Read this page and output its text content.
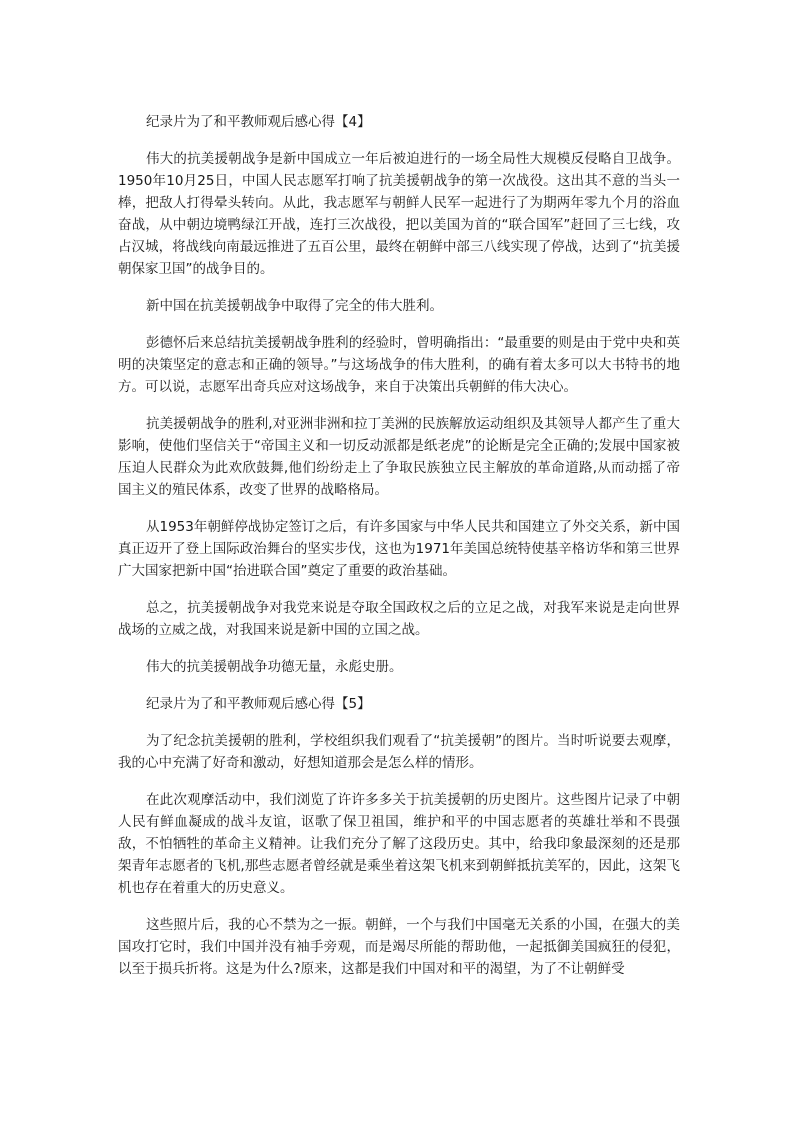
纪录片为了和平教师观后感心得【4】

伟大的抗美援朝战争是新中国成立一年后被迫进行的一场全局性大规模反侵略自卫战争。1950年10月25日，中国人民志愿军打响了抗美援朝战争的第一次战役。这出其不意的当头一棒，把敌人打得晕头转向。从此，我志愿军与朝鲜人民军一起进行了为期两年零九个月的浴血奋战，从中朝边境鸭绿江开战，连打三次战役，把以美国为首的“联合国军”赶回了三七线，攻占汉城，将战线向南最远推进了五百公里，最终在朝鲜中部三八线实现了停战，达到了“抗美援朝保家卫国”的战争目的。

新中国在抗美援朝战争中取得了完全的伟大胜利。

彭德怀后来总结抗美援朝战争胜利的经验时，曾明确指出：“最重要的则是由于党中央和英明的决策坚定的意志和正确的领导。”与这场战争的伟大胜利，的确有着太多可以大书特书的地方。可以说，志愿军出奇兵应对这场战争，来自于决策出兵朝鲜的伟大决心。

抗美援朝战争的胜利,对亚洲非洲和拉丁美洲的民族解放运动组织及其领导人都产生了重大影响，使他们坚信关于“帝国主义和一切反动派都是纸老虎”的论断是完全正确的;发展中国家被压迫人民群众为此欢欣鼓舞,他们纷纷走上了争取民族独立民主解放的革命道路,从而动摇了帝国主义的殖民体系，改变了世界的战略格局。

从1953年朝鲜停战协定签订之后，有许多国家与中华人民共和国建立了外交关系，新中国真正迈开了登上国际政治舞台的坚实步伐，这也为1971年美国总统特使基辛格访华和第三世界广大国家把新中国“抬进联合国”奠定了重要的政治基础。

总之，抗美援朝战争对我党来说是夺取全国政权之后的立足之战，对我军来说是走向世界战场的立威之战，对我国来说是新中国的立国之战。

伟大的抗美援朝战争功德无量，永彪史册。

纪录片为了和平教师观后感心得【5】

为了纪念抗美援朝的胜利，学校组织我们观看了“抗美援朝”的图片。当时听说要去观摩，我的心中充满了好奇和激动，好想知道那会是怎么样的情形。

在此次观摩活动中，我们浏览了许许多多关于抗美援朝的历史图片。这些图片记录了中朝人民有鲜血凝成的战斗友谊，讴歌了保卫祖国，维护和平的中国志愿者的英雄壮举和不畏强敌，不怕牺牲的革命主义精神。让我们充分了解了这段历史。其中，给我印象最深刻的还是那架青年志愿者的飞机,那些志愿者曾经就是乘坐着这架飞机来到朝鲜抵抗美军的，因此，这架飞机也存在着重大的历史意义。

这些照片后，我的心不禁为之一振。朝鲜，一个与我们中国毫无关系的小国，在强大的美国攻打它时，我们中国并没有袖手旁观，而是竭尽所能的帮助他，一起抵御美国疯狂的侵犯，以至于损兵折将。这是为什么?原来，这都是我们中国对和平的渴望，为了不让朝鲜受
